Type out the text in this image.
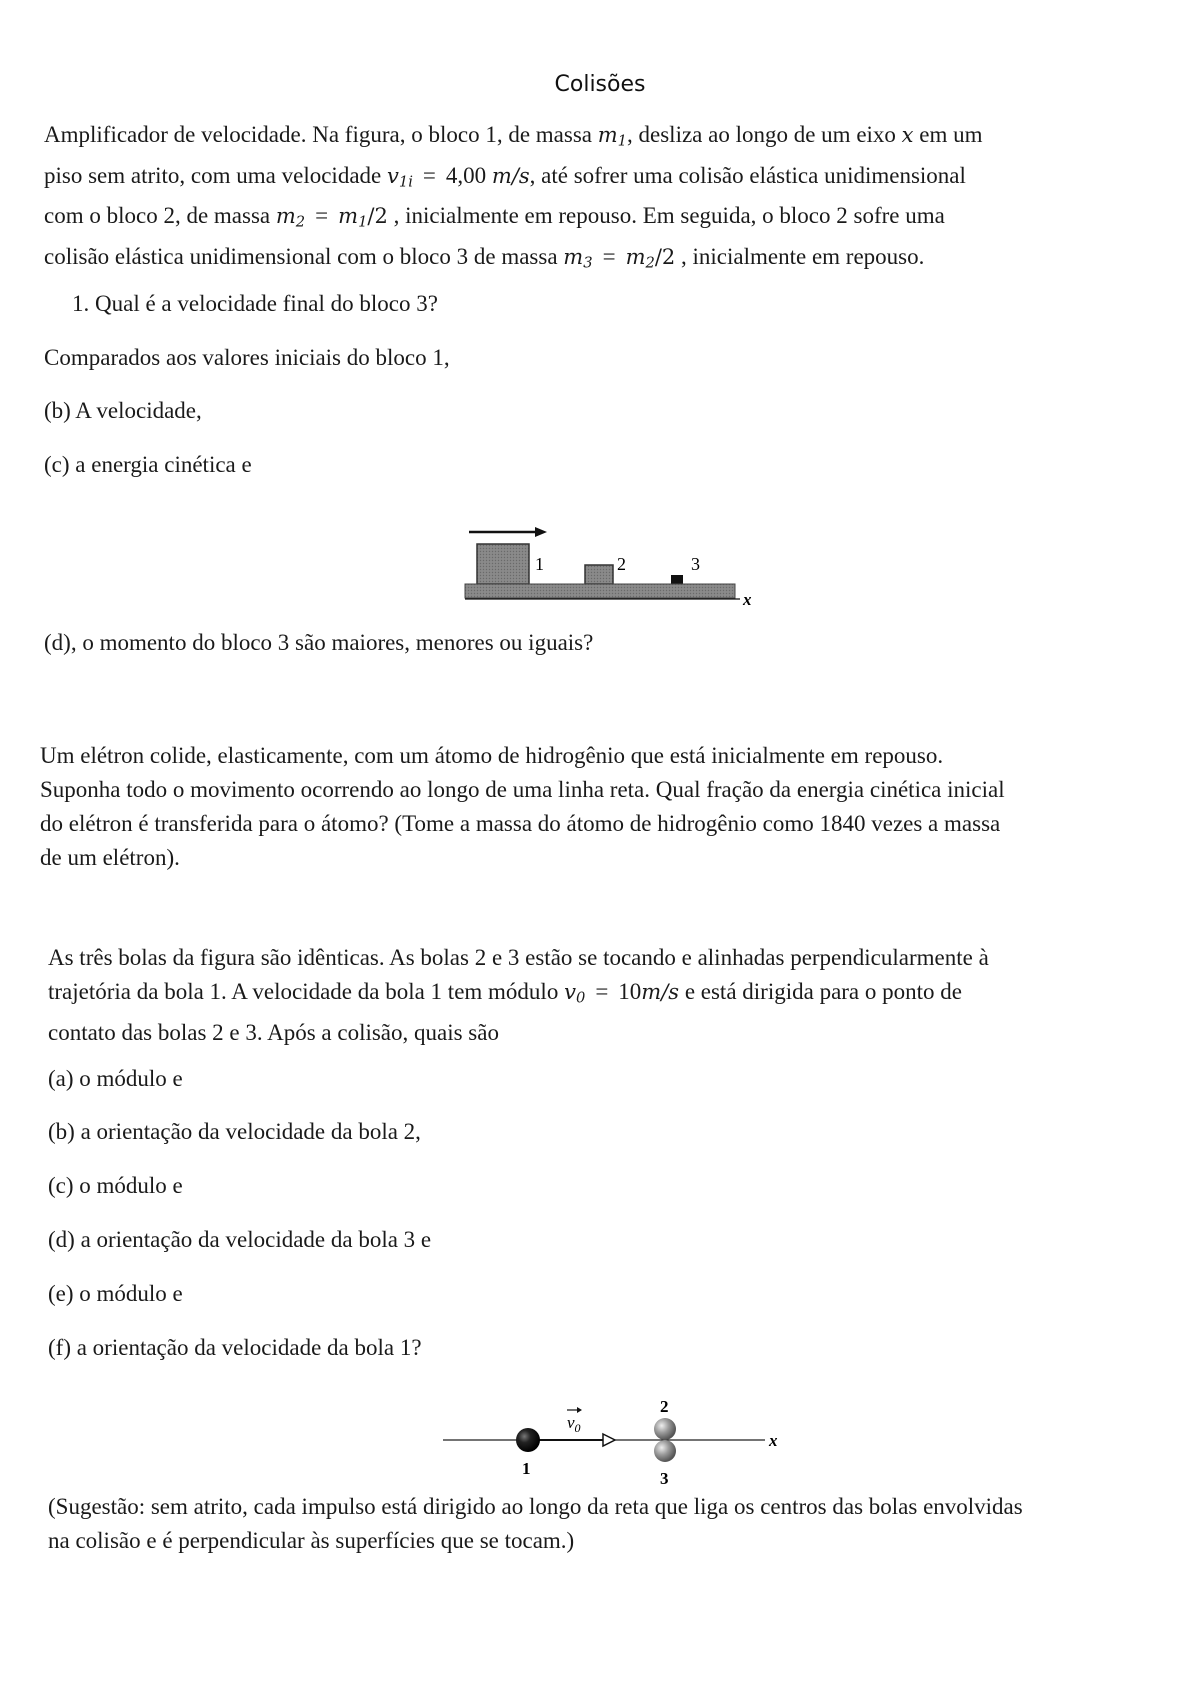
Colisões

Amplificador de velocidade. Na figura, o bloco 1, de massa $m_1$, desliza ao longo de um eixo x em um

piso sem atrito, com uma velocidade $v_{1i} = 4,00$ m/s, até sofrer uma colisão elástica unidimensional

com o bloco 2, de massa $m_2 = m_1/2$ , inicialmente em repouso. Em seguida, o bloco 2 sofre uma

colisão elástica unidimensional com o bloco 3 de massa $m_3 = m_2/2$ , inicialmente em repouso.

1. Qual é a velocidade final do bloco 3?
Comparados aos valores iniciais do bloco 1,
(b) A velocidade,
(c) a energia cinética e
1	2	3
x
(d), o momento do bloco 3 são maiores, menores ou iguais?

Um elétron colide, elasticamente, com um átomo de hidrogênio que está inicialmente em repouso.

Suponha todo o movimento ocorrendo ao longo de uma linha reta. Qual fração da energia cinética inicial

do elétron é transferida para o átomo? (Tome a massa do átomo de hidrogênio como 1840 vezes a massa

de um elétron).

As três bolas da figura são idênticas. As bolas 2 e 3 estão se tocando e alinhadas perpendicularmente à

trajetória da bola 1. A velocidade da bola 1 tem módulo $v_0 = 10m/s$ e está dirigida para o ponto de

contato das bolas 2 e 3. Após a colisão, quais são

(a) o módulo e
(b) a orientação da velocidade da bola 2,
(c) o módulo e
(d) a orientação da velocidade da bola 3 e
(e) o módulo e
(f) a orientação da velocidade da bola 1?
x
$v_0$
1
2
3

(Sugestão: sem atrito, cada impulso está dirigido ao longo da reta que liga os centros das bolas envolvidas

na colisão e é perpendicular às superfícies que se tocam.)
